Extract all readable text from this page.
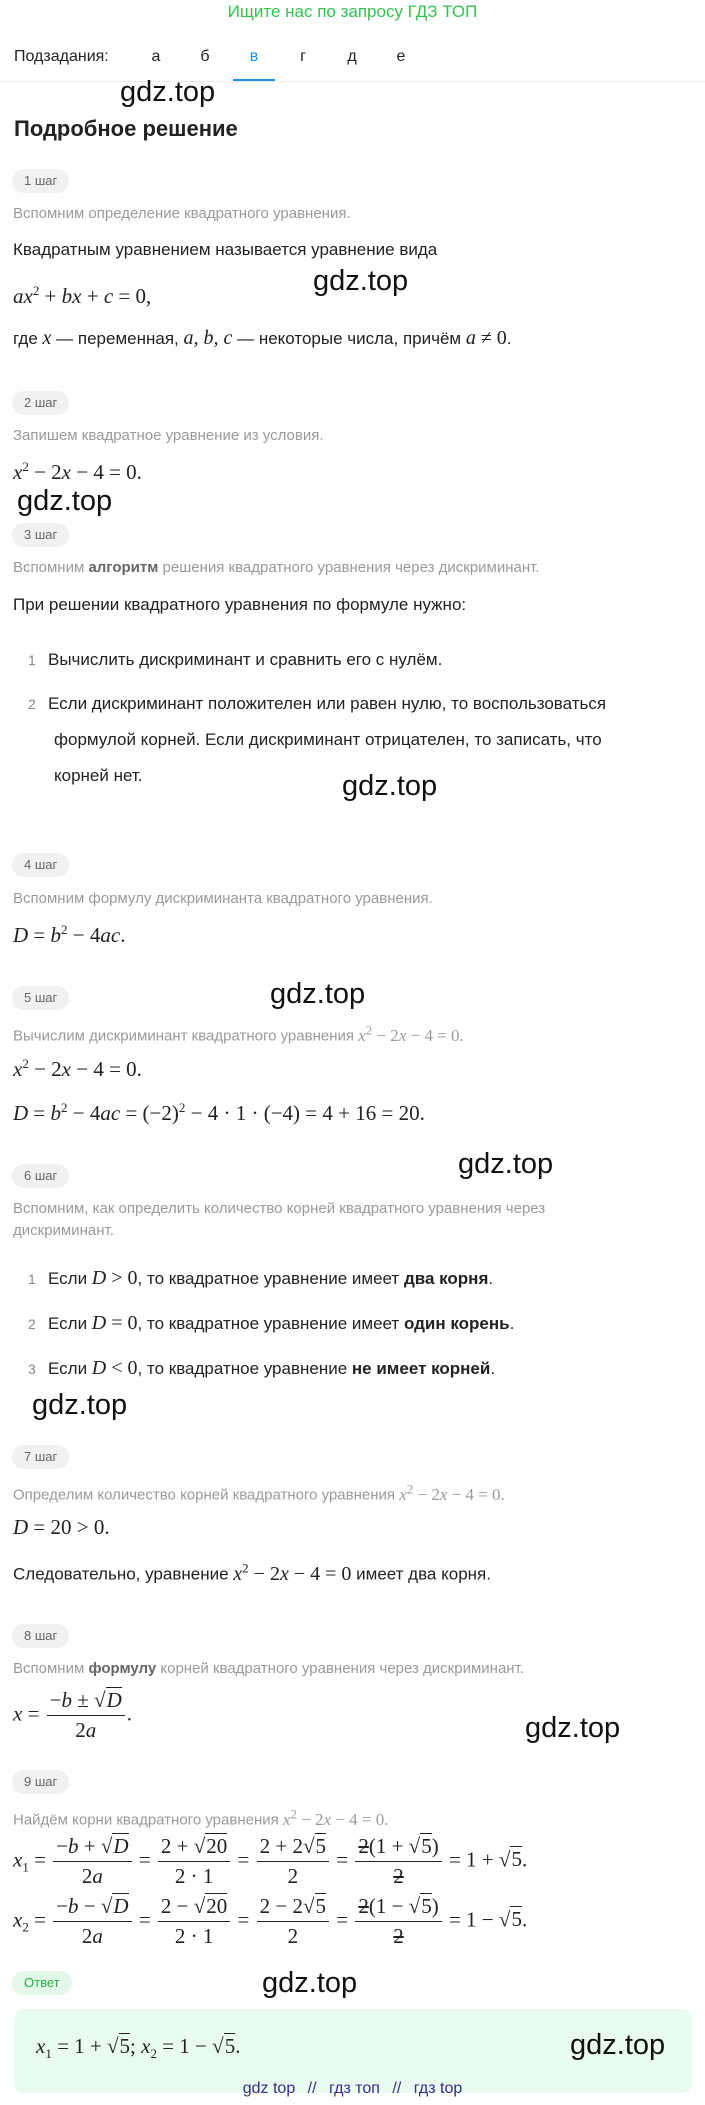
Ищите нас по запросу ГДЗ ТОП
Подзадания:	а	б	в	г	д	е
gdz.top
gdz.top
gdz.top
gdz.top
gdz.top
gdz.top
gdz.top
gdz.top
gdz.top
Подробное решение
1 шаг
Вспомним определение квадратного уравнения.
Квадратным уравнением называется уравнение вида
$ax^2$ + bx + c = 0,
где x — переменная, a, b, c — некоторые числа, причём a ≠ 0.
2 шаг
Запишем квадратное уравнение из условия.
$x^2 - 2x - 4 = 0$.
3 шаг
Вспомним алгоритм решения квадратного уравнения через дискриминант.
При решении квадратного уравнения по формуле нужно:
1 Вычислить дискриминант и сравнить его с нулём.
2 Если дискриминант положителен или равен нулю, то воспользоваться
формулой корней. Если дискриминант отрицателен, то записать, что
корней нет.
4 шаг
Вспомним формулу дискриминанта квадратного уравнения.
$D = b^2 - 4ac$.
5 шаг
Вычислим дискриминант квадратного уравнения $x^2 - 2x - 4 = 0$.
$x^2 - 2x - 4 = 0$.
$D = b^2 - 4ac = (-2)^2 - 4 \cdot 1 \cdot (-4) = 4 + 16 = 20$.
6 шаг
Вспомним, как определить количество корней квадратного уравнения через
дискриминант.
1 Если D > 0, то квадратное уравнение имеет два корня.
2 Если D = 0, то квадратное уравнение имеет один корень.
3 Если D < 0, то квадратное уравнение не имеет корней.
7 шаг
Определим количество корней квадратного уравнения $x^2 - 2x - 4 = 0$.
D = 20 > 0.
Следовательно, уравнение $x^2 - 2x - 4 = 0$ имеет два корня.
8 шаг
Вспомним формулу корней квадратного уравнения через дискриминант.
$x = \frac{-b \pm √D}{2a}$ .
9 шаг
Найдём корни квадратного уравнения $x^2 - 2x - 4 = 0$.
$x_1 = \frac{-b + √D}{2a} = \frac{2 + √20}{2 \cdot 1} = \frac{2 + 2√5}{2} = \frac{2(1 + √5)}{2} = 1 + √5$.
$x_2 = \frac{-b - √D}{2a} = \frac{2 - √20}{2 \cdot 1} = \frac{2 - 2√5}{2} = \frac{2(1 - √5)}{2} = 1 - √5$.
Ответ
$x_1 = 1 + √5$; $x_2 = 1 - √5$.	gdz.top
gdz top // гдз топ // гдз top
